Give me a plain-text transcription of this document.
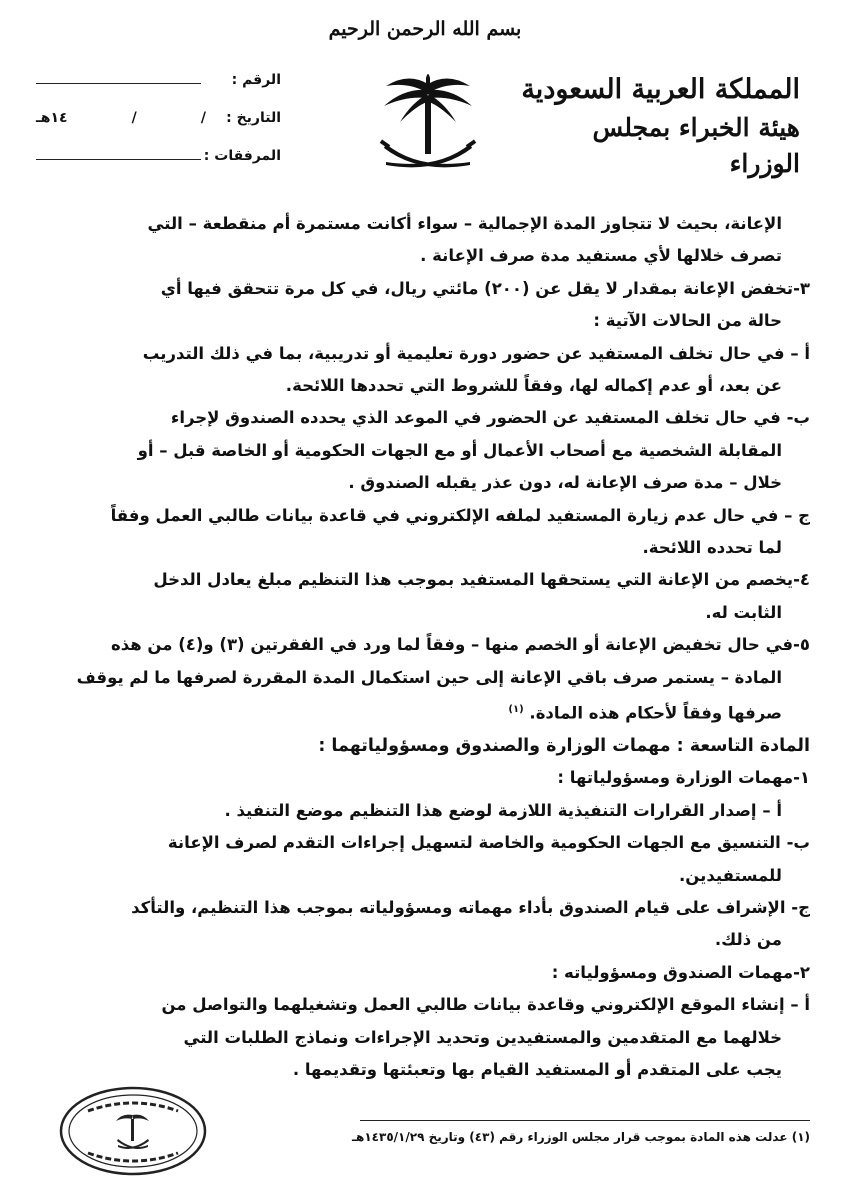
بسم الله الرحمن الرحيم
المملكة العربية السعودية
هيئة الخبراء بمجلس الوزراء
الرقم :
التاريخ :
١٤هـ	/	/
المرفقات :

الإعانة، بحيث لا تتجاوز المدة الإجمالية – سواء أكانت مستمرة أم منقطعة – التي

تصرف خلالها لأي مستفيد مدة صرف الإعانة .

٣-تخفض الإعانة بمقدار لا يقل عن (٢٠٠) مائتي ريال، في كل مرة تتحقق فيها أي

حالة من الحالات الآتية :

أ – في حال تخلف المستفيد عن حضور دورة تعليمية أو تدريبية، بما في ذلك التدريب

عن بعد، أو عدم إكماله لها، وفقاً للشروط التي تحددها اللائحة.

ب- في حال تخلف المستفيد عن الحضور في الموعد الذي يحدده الصندوق لإجراء

المقابلة الشخصية مع أصحاب الأعمال أو مع الجهات الحكومية أو الخاصة قبل – أو

خلال – مدة صرف الإعانة له، دون عذر يقبله الصندوق .

ج – في حال عدم زيارة المستفيد لملفه الإلكتروني في قاعدة بيانات طالبي العمل وفقاً

لما تحدده اللائحة.

٤-يخصم من الإعانة التي يستحقها المستفيد بموجب هذا التنظيم مبلغ يعادل الدخل

الثابت له.

٥-في حال تخفيض الإعانة أو الخصم منها – وفقاً لما ورد في الفقرتين (٣) و(٤) من هذه

المادة – يستمر صرف باقي الإعانة إلى حين استكمال المدة المقررة لصرفها ما لم يوقف

صرفها وفقاً لأحكام هذه المادة. $^{(١)}$

المادة التاسعة : مهمات الوزارة والصندوق ومسؤولياتهما :

١-مهمات الوزارة ومسؤولياتها :

أ – إصدار القرارات التنفيذية اللازمة لوضع هذا التنظيم موضع التنفيذ .

ب- التنسيق مع الجهات الحكومية والخاصة لتسهيل إجراءات التقدم لصرف الإعانة

للمستفيدين.

ج- الإشراف على قيام الصندوق بأداء مهماته ومسؤولياته بموجب هذا التنظيم، والتأكد

من ذلك.

٢-مهمات الصندوق ومسؤولياته :

أ – إنشاء الموقع الإلكتروني وقاعدة بيانات طالبي العمل وتشغيلهما والتواصل من

خلالهما مع المتقدمين والمستفيدين وتحديد الإجراءات ونماذج الطلبات التي

يجب على المتقدم أو المستفيد القيام بها وتعبئتها وتقديمها .

(١) عدلت هذه المادة بموجب قرار مجلس الوزراء رقم (٤٣) وتاريخ ١٤٣٥/١/٢٩هـ
